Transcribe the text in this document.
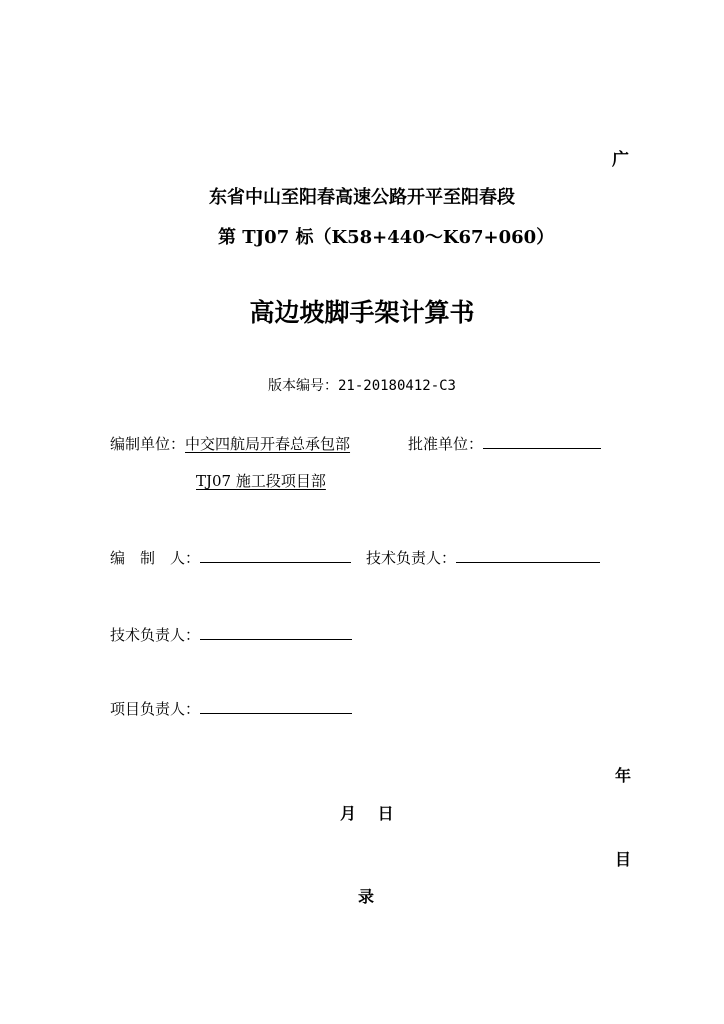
广
东省中山至阳春高速公路开平至阳春段
第 TJ07 标（K58+440～K67+060）
高边坡脚手架计算书
版本编号：21-20180412-C3
编制单位：中交四航局开春总承包部	批准单位：
TJ07 施工段项目部
编　制　人：	技术负责人：
技术负责人：
项目负责人：
年
月　 日
目
录
